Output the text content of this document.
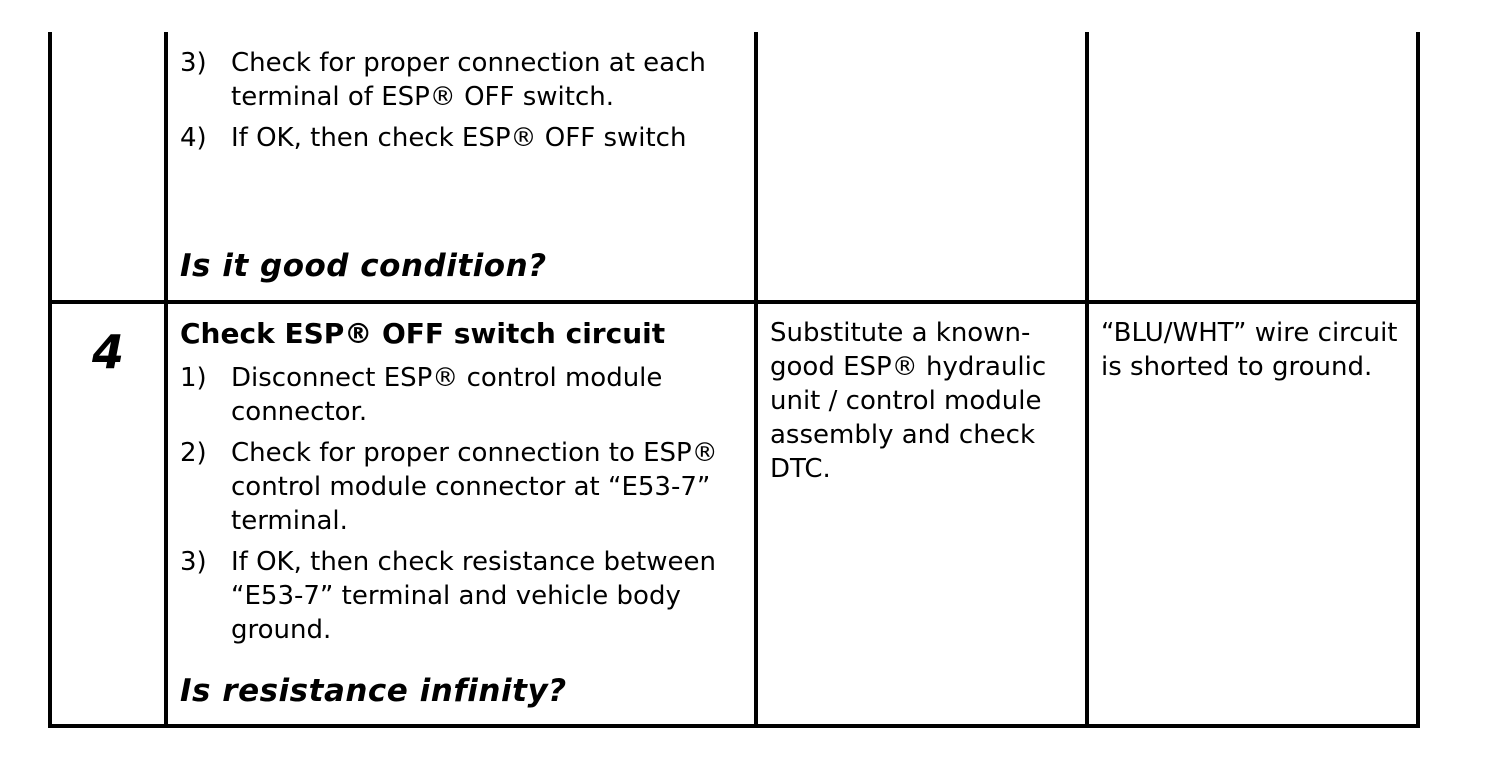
3) Check for proper connection at each terminal of ESP® OFF switch.
4) If OK, then check ESP® OFF switch
Is it good condition?
4	Check ESP® OFF switch circuit
1) Disconnect ESP® control module connector.
2) Check for proper connection to ESP® control module connector at “E53-7” terminal.
3) If OK, then check resistance between “E53-7” terminal and vehicle body ground.
Is resistance infinity?
Substitute a known-good ESP® hydraulic unit / control module assembly and check DTC.
“BLU/WHT” wire circuit is shorted to ground.
